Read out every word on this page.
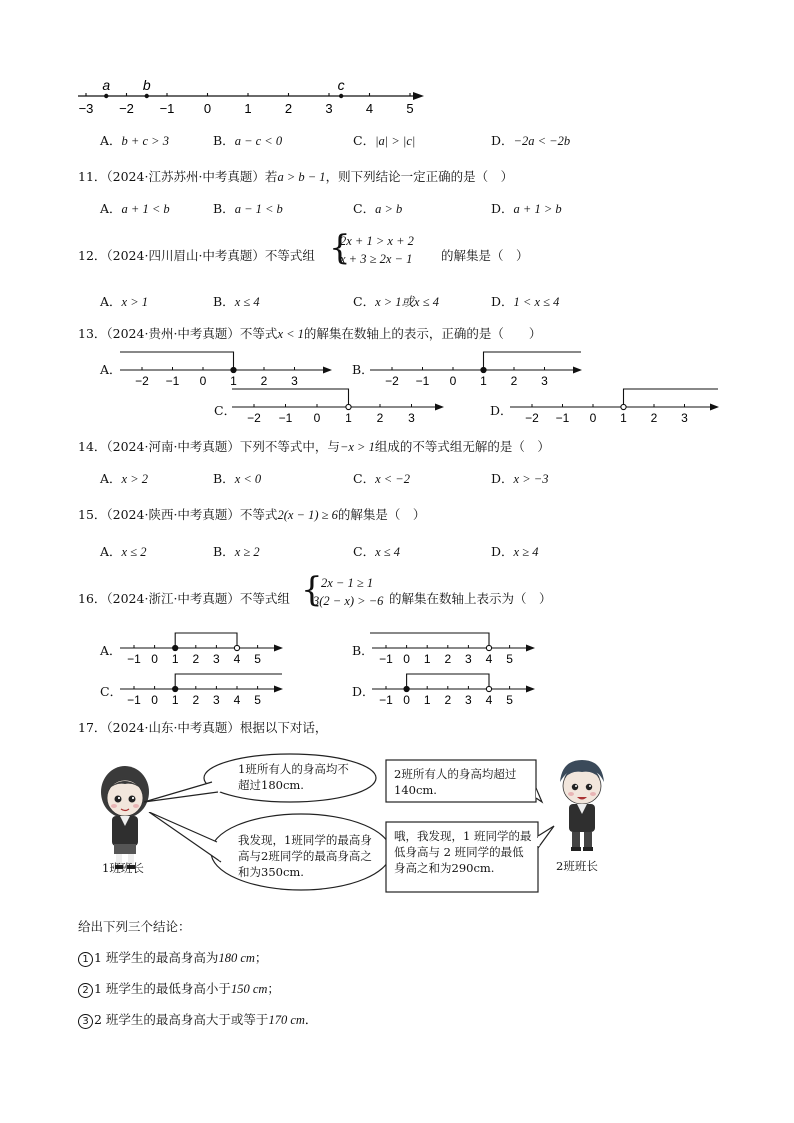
−3 −2 −1 0	1	2	3	4	5
a b	c
A．b + c > 3	B．a − c < 0	C．|a| > |c|	D．−2a < −2b
11．（2024·江苏苏州·中考真题）若a > b − 1，则下列结论一定正确的是（　）
A．a + 1 < b	B．a − 1 < b	C．a > b	D．a + 1 > b
12．（2024·四川眉山·中考真题）不等式组 {
2x + 1 > x + 2
x + 3 ≥ 2x − 1 的解集是（　）
A．x > 1	B．x ≤ 4	C．x > 1或x ≤ 4	D．1 < x ≤ 4
13．（2024·贵州·中考真题）不等式x < 1的解集在数轴上的表示，正确的是（　　）
A．
−2 −1 0 1 2 3
B．
−2 −1 0 1 2 3
C． −2 −1 0 1 2 3	D． −2 −1 0 1 2 3
14．（2024·河南·中考真题）下列不等式中，与−x > 1组成的不等式组无解的是（　）
A．x > 2	B．x < 0	C．x < −2	D．x > −3
15．（2024·陕西·中考真题）不等式2(x − 1) ≥ 6的解集是（　）
A．x ≤ 2	B．x ≥ 2	C．x ≤ 4	D．x ≥ 4
16．（2024·浙江·中考真题）不等式组 {
2x − 1 ≥ 1
3(2 − x) > −6 的解集在数轴上表示为（　）
A．
−1 0 1 2 3 4 5
B．
−1 0 1 2 3 4 5
C．
−1 0 1 2 3 4 5
D．
−1 0 1 2 3 4 5
17．（2024·山东·中考真题）根据以下对话，
1班班长
1班所有人的身高均不超过180cm.
我发现，1班同学的最高身高与2班同学的最高身高之和为350cm.
2班所有人的身高均超过140cm.
哦，我发现，1 班同学的最低身高与 2 班同学的最低身高之和为290cm.	2班班长
给出下列三个结论：
1 1 班学生的最高身高为180 cm；
2 1 班学生的最低身高小于150 cm；
3 2 班学生的最高身高大于或等于170 cm．
